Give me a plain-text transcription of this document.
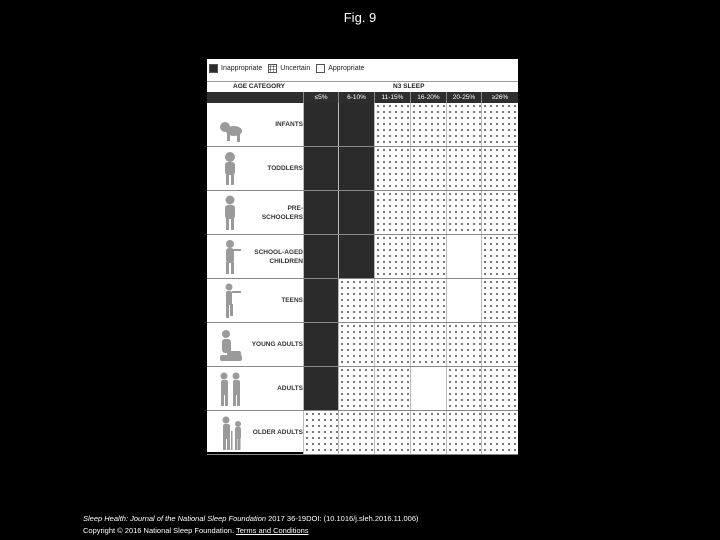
Fig. 9
Inappropriate	Uncertain	Appropriate
AGE CATEGORY	N3 SLEEP
≤5%	6-10%	11-15%	16-20%	20-25%	≥26%
INFANTS
TODDLERS
PRE-SCHOOLERS
SCHOOL-AGED CHILDREN
TEENS
YOUNG ADULTS
ADULTS
OLDER ADULTS
Sleep Health: Journal of the National Sleep Foundation 2017 36-19DOI: (10.1016/j.sleh.2016.11.006)
Copyright © 2016 National Sleep Foundation. Terms and Conditions
